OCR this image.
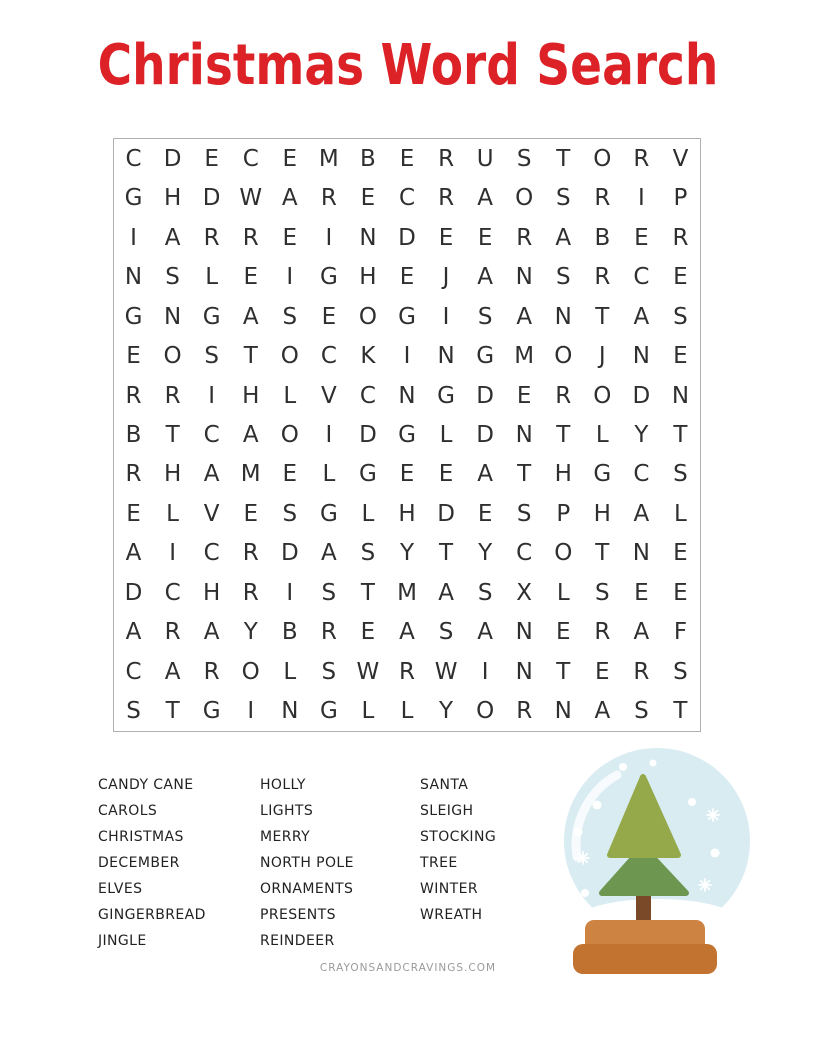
Christmas Word Search
C D E	C	E M B	E	R U	S	T O R	V
G H D W A	R	E	C	R	A O S	R	I	P
I	A	R	R	E	I	N D E	E	R	A	B	E	R
N	S	L	E	I	G H	E	J	A N	S	R	C	E
G N G A	S	E O G	I	S	A N	T	A	S
E O S	T O C	K	I	N G M O	J	N	E
R	R	I	H	L	V	C N G D E	R O D N
B	T	C	A O	I	D G	L	D N	T	L	Y	T
R H A M E	L	G E	E	A	T	H G C	S
E	L	V	E	S G	L	H D E	S	P	H A	L
A	I	C	R D A	S	Y	T	Y	C O T	N	E
D C H R	I	S	T M A	S	X	L	S	E	E
A	R	A	Y	B	R	E	A	S	A N	E	R	A	F
C	A	R O	L	S W R W	I	N	T	E	R	S
S	T	G	I	N G	L	L	Y O R N A	S	T
CANDY CANE
CAROLS
CHRISTMAS
DECEMBER
ELVES
GINGERBREAD
JINGLE
HOLLY
LIGHTS
MERRY
NORTH POLE
ORNAMENTS
PRESENTS
REINDEER
SANTA
SLEIGH
STOCKING
TREE
WINTER
WREATH
CRAYONSANDCRAVINGS.COM
